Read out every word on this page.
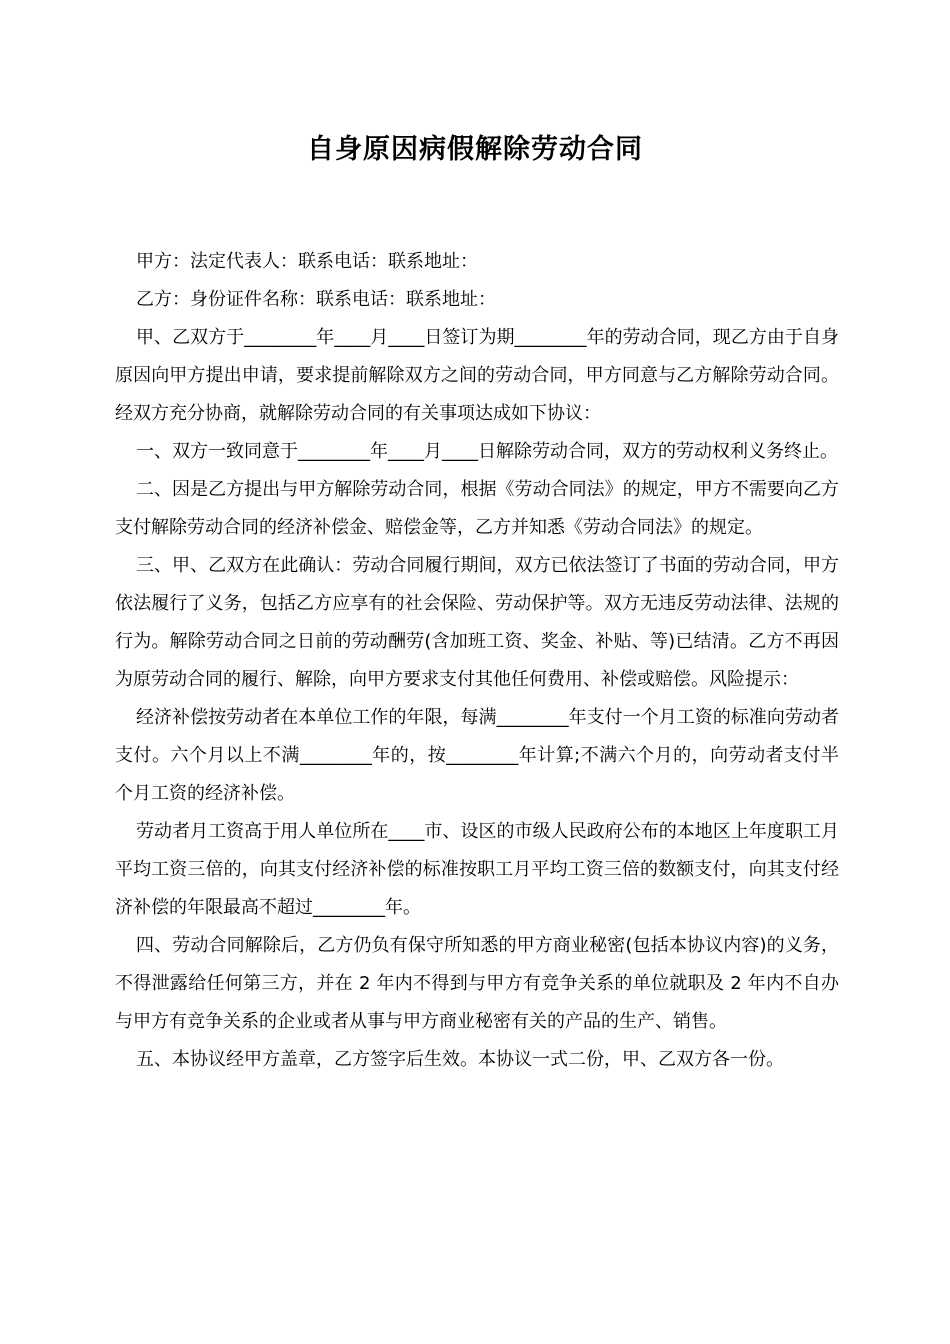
自身原因病假解除劳动合同

甲方：法定代表人：联系电话：联系地址：

乙方：身份证件名称：联系电话：联系地址：

甲、乙双方于________年____月____日签订为期________年的劳动合同，现乙方由于自身原因向甲方提出申请，要求提前解除双方之间的劳动合同，甲方同意与乙方解除劳动合同。经双方充分协商，就解除劳动合同的有关事项达成如下协议：

一、双方一致同意于________年____月____日解除劳动合同，双方的劳动权利义务终止。

二、因是乙方提出与甲方解除劳动合同，根据《劳动合同法》的规定，甲方不需要向乙方支付解除劳动合同的经济补偿金、赔偿金等，乙方并知悉《劳动合同法》的规定。

三、甲、乙双方在此确认：劳动合同履行期间，双方已依法签订了书面的劳动合同，甲方依法履行了义务，包括乙方应享有的社会保险、劳动保护等。双方无违反劳动法律、法规的行为。解除劳动合同之日前的劳动酬劳(含加班工资、奖金、补贴、等)已结清。乙方不再因为原劳动合同的履行、解除，向甲方要求支付其他任何费用、补偿或赔偿。风险提示：

经济补偿按劳动者在本单位工作的年限，每满________年支付一个月工资的标准向劳动者支付。六个月以上不满________年的，按________年计算;不满六个月的，向劳动者支付半个月工资的经济补偿。

劳动者月工资高于用人单位所在____市、设区的市级人民政府公布的本地区上年度职工月平均工资三倍的，向其支付经济补偿的标准按职工月平均工资三倍的数额支付，向其支付经济补偿的年限最高不超过________年。

四、劳动合同解除后，乙方仍负有保守所知悉的甲方商业秘密(包括本协议内容)的义务，不得泄露给任何第三方，并在 2 年内不得到与甲方有竞争关系的单位就职及 2 年内不自办与甲方有竞争关系的企业或者从事与甲方商业秘密有关的产品的生产、销售。

五、本协议经甲方盖章，乙方签字后生效。本协议一式二份，甲、乙双方各一份。
